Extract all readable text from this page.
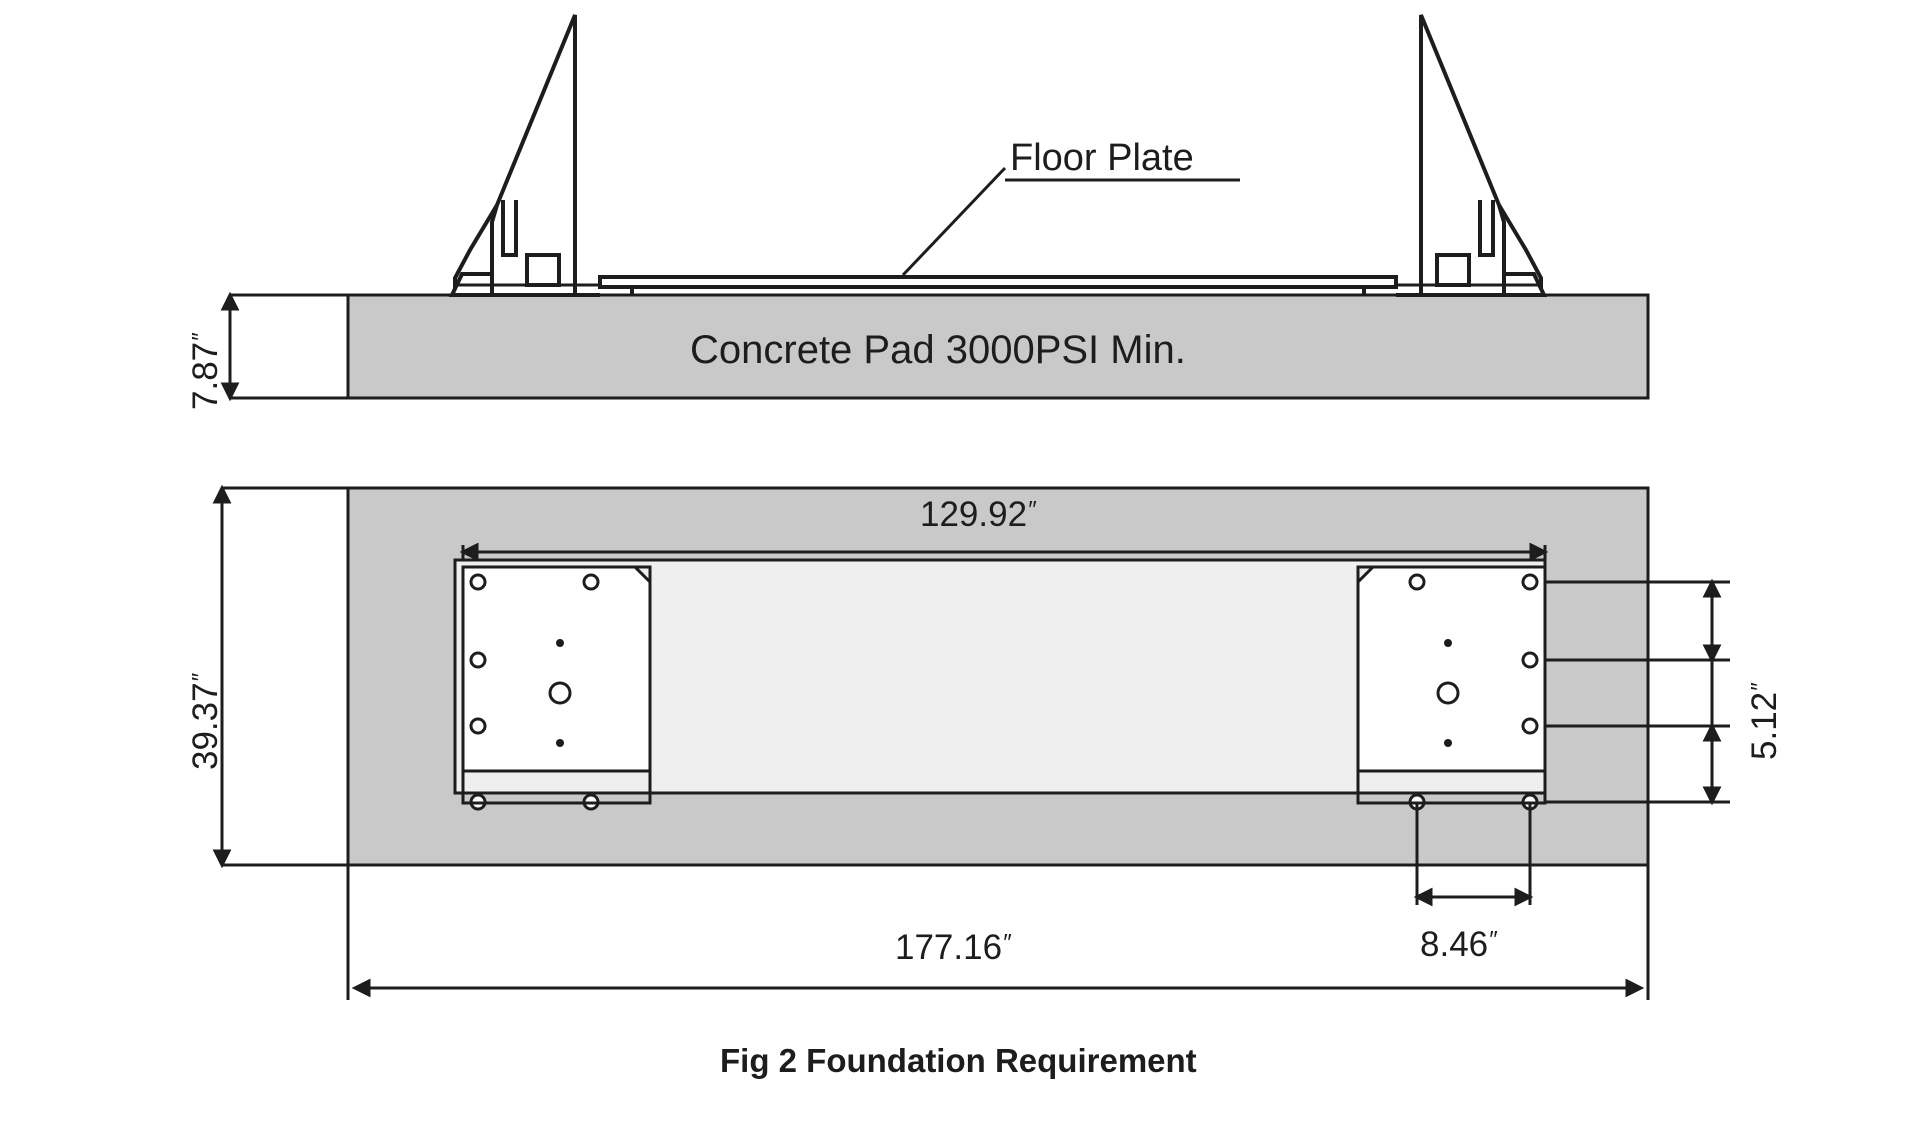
Floor Plate
Concrete Pad 3000PSI Min.
Fig 2 Foundation Requirement
7.87″
39.37″
5.12″
129.92″
177.16″	8.46″
